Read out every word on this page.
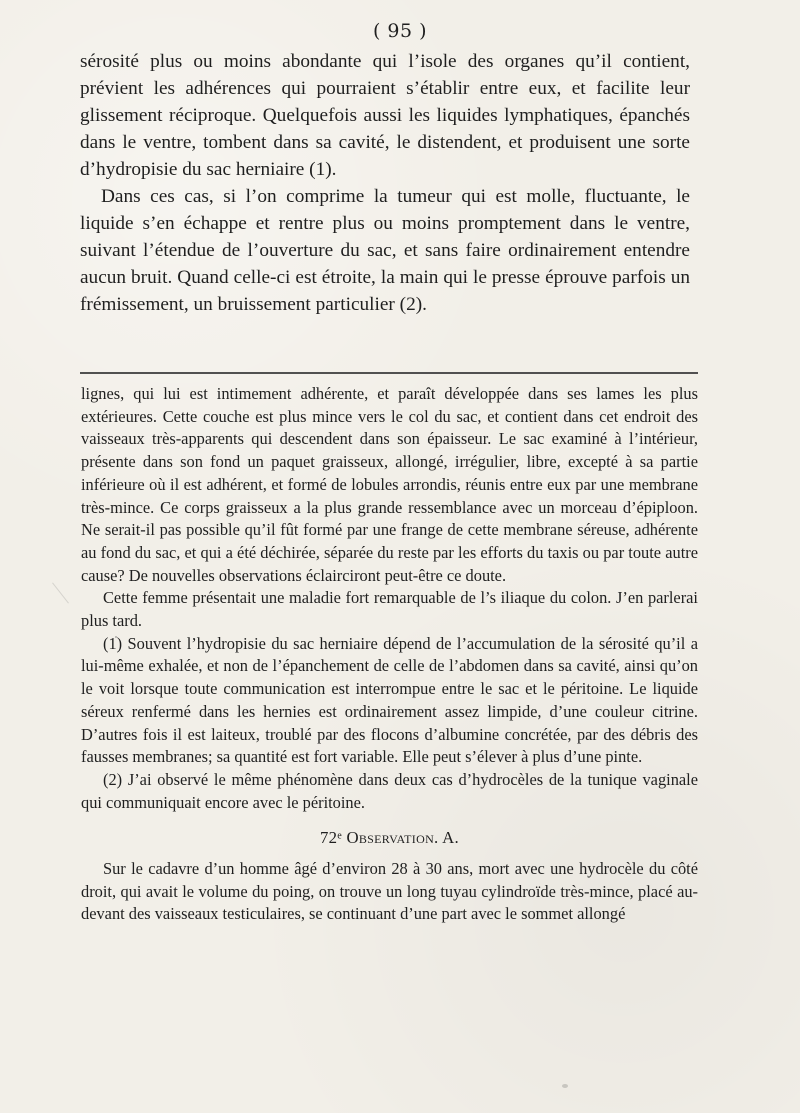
( 95 )

sérosité plus ou moins abondante qui l’isole des organes qu’il contient, prévient les adhérences qui pourraient s’établir entre eux, et facilite leur glissement réciproque. Quelquefois aussi les liquides lymphatiques, épanchés dans le ventre, tombent dans sa cavité, le distendent, et produisent une sorte d’hydropisie du sac herniaire (1).

Dans ces cas, si l’on comprime la tumeur qui est molle, fluctuante, le liquide s’en échappe et rentre plus ou moins promptement dans le ventre, suivant l’étendue de l’ouverture du sac, et sans faire ordinairement entendre aucun bruit. Quand celle-ci est étroite, la main qui le presse éprouve parfois un frémissement, un bruissement particulier (2).

lignes, qui lui est intimement adhérente, et paraît développée dans ses lames les plus extérieures. Cette couche est plus mince vers le col du sac, et contient dans cet endroit des vaisseaux très-apparents qui descendent dans son épaisseur. Le sac examiné à l’intérieur, présente dans son fond un paquet graisseux, allongé, irrégulier, libre, excepté à sa partie inférieure où il est adhérent, et formé de lobules arrondis, réunis entre eux par une membrane très-mince. Ce corps graisseux a la plus grande ressemblance avec un morceau d’épiploon. Ne serait-il pas possible qu’il fût formé par une frange de cette membrane séreuse, adhérente au fond du sac, et qui a été déchirée, séparée du reste par les efforts du taxis ou par toute autre cause? De nouvelles observations éclairciront peut-être ce doute.

Cette femme présentait une maladie fort remarquable de l’s iliaque du colon. J’en parlerai plus tard.

(1) Souvent l’hydropisie du sac herniaire dépend de l’accumulation de la sérosité qu’il a lui-même exhalée, et non de l’épanchement de celle de l’abdomen dans sa cavité, ainsi qu’on le voit lorsque toute communication est interrompue entre le sac et le péritoine. Le liquide séreux renfermé dans les hernies est ordinairement assez limpide, d’une couleur citrine. D’autres fois il est laiteux, troublé par des flocons d’albumine concrétée, par des débris des fausses membranes; sa quantité est fort variable. Elle peut s’élever à plus d’une pinte.

(2) J’ai observé le même phénomène dans deux cas d’hydrocèles de la tunique vaginale qui communiquait encore avec le péritoine.

72ᵉ Observation. A.

Sur le cadavre d’un homme âgé d’environ 28 à 30 ans, mort avec une hydrocèle du côté droit, qui avait le volume du poing, on trouve un long tuyau cylindroïde très-mince, placé au-devant des vaisseaux testiculaires, se continuant d’une part avec le sommet allongé
